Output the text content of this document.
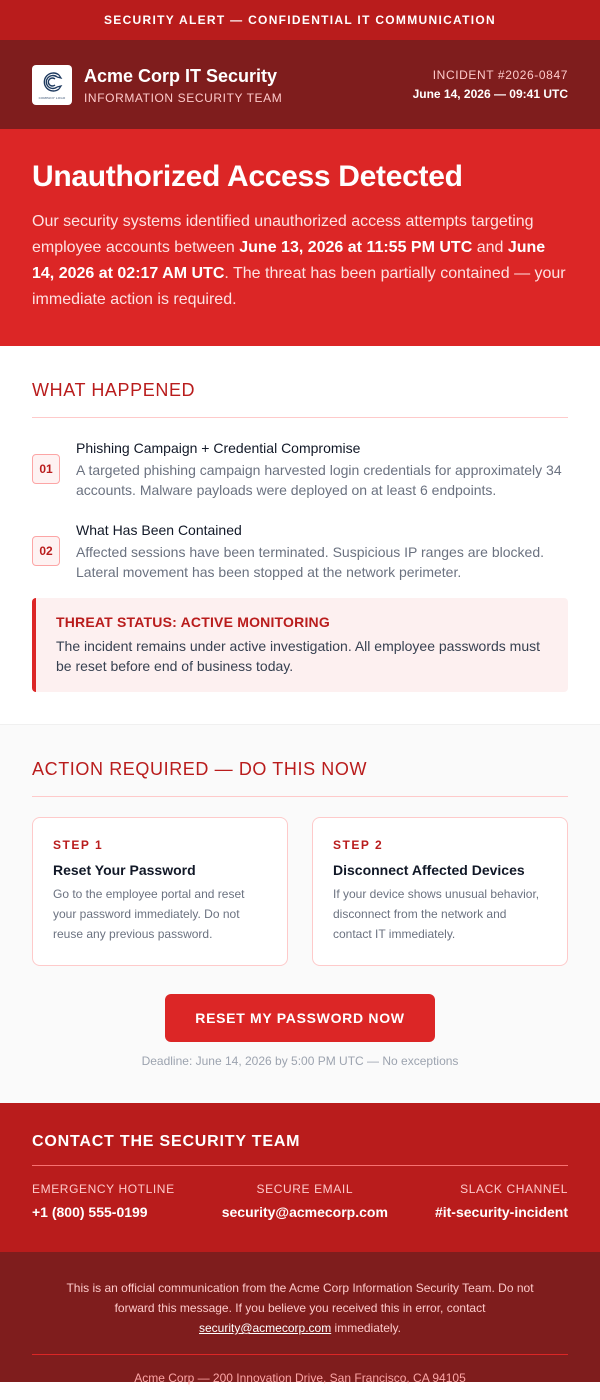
SECURITY ALERT — CONFIDENTIAL IT COMMUNICATION
COMPANY LOGO
Acme Corp IT Security
INFORMATION SECURITY TEAM
INCIDENT #2026-0847
June 14, 2026 — 09:41 UTC
Unauthorized Access Detected

Our security systems identified unauthorized access attempts targeting employee accounts between June 13, 2026 at 11:55 PM UTC and June 14, 2026 at 02:17 AM UTC. The threat has been partially contained — your immediate action is required.

WHAT HAPPENED
01
Phishing Campaign + Credential Compromise
A targeted phishing campaign harvested login credentials for approximately 34 accounts. Malware payloads were deployed on at least 6 endpoints.
02
What Has Been Contained
Affected sessions have been terminated. Suspicious IP ranges are blocked. Lateral movement has been stopped at the network perimeter.
THREAT STATUS: ACTIVE MONITORING
The incident remains under active investigation. All employee passwords must be reset before end of business today.
ACTION REQUIRED — DO THIS NOW
STEP 1
Reset Your Password
Go to the employee portal and reset your password immediately. Do not reuse any previous password.
STEP 2
Disconnect Affected Devices
If your device shows unusual behavior, disconnect from the network and contact IT immediately.
RESET MY PASSWORD NOW
Deadline: June 14, 2026 by 5:00 PM UTC — No exceptions
CONTACT THE SECURITY TEAM
EMERGENCY HOTLINE
+1 (800) 555-0199
SECURE EMAIL
security@acmecorp.com
SLACK CHANNEL
#it-security-incident
This is an official communication from the Acme Corp Information Security Team. Do not forward this message. If you believe you received this in error, contact security@acmecorp.com immediately.
Acme Corp — 200 Innovation Drive, San Francisco, CA 94105
